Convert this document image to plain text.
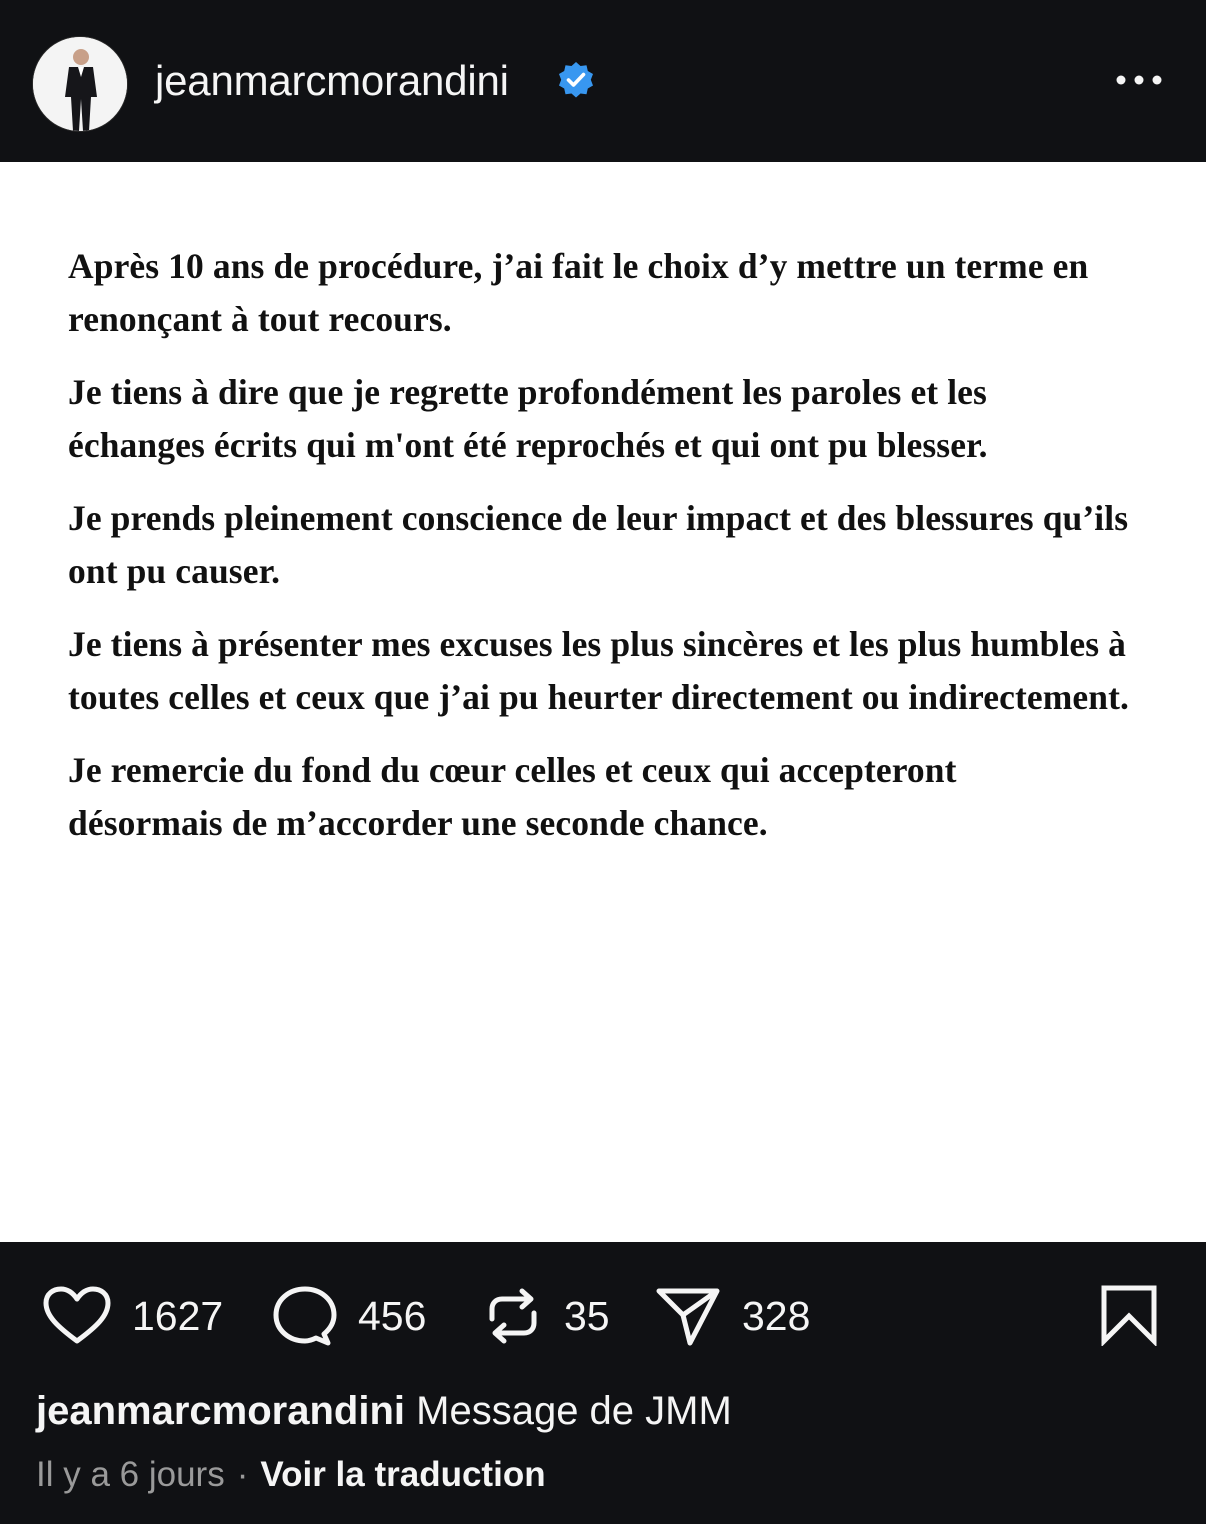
jeanmarcmorandini

Après 10 ans de procédure, j’ai fait le choix d’y mettre un terme en renonçant à tout recours.

Je tiens à dire que je regrette profondément les paroles et les échanges écrits qui m'ont été reprochés et qui ont pu blesser.

Je prends pleinement conscience de leur impact et des blessures qu’ils ont pu causer.

Je tiens à présenter mes excuses les plus sincères et les plus humbles à toutes celles et ceux que j’ai pu heurter directement ou indirectement.

Je remercie du fond du cœur celles et ceux qui accepteront désormais de m’accorder une seconde chance.

1627	456	35	328
jeanmarcmorandini Message de JMM
Il y a 6 jours · Voir la traduction
